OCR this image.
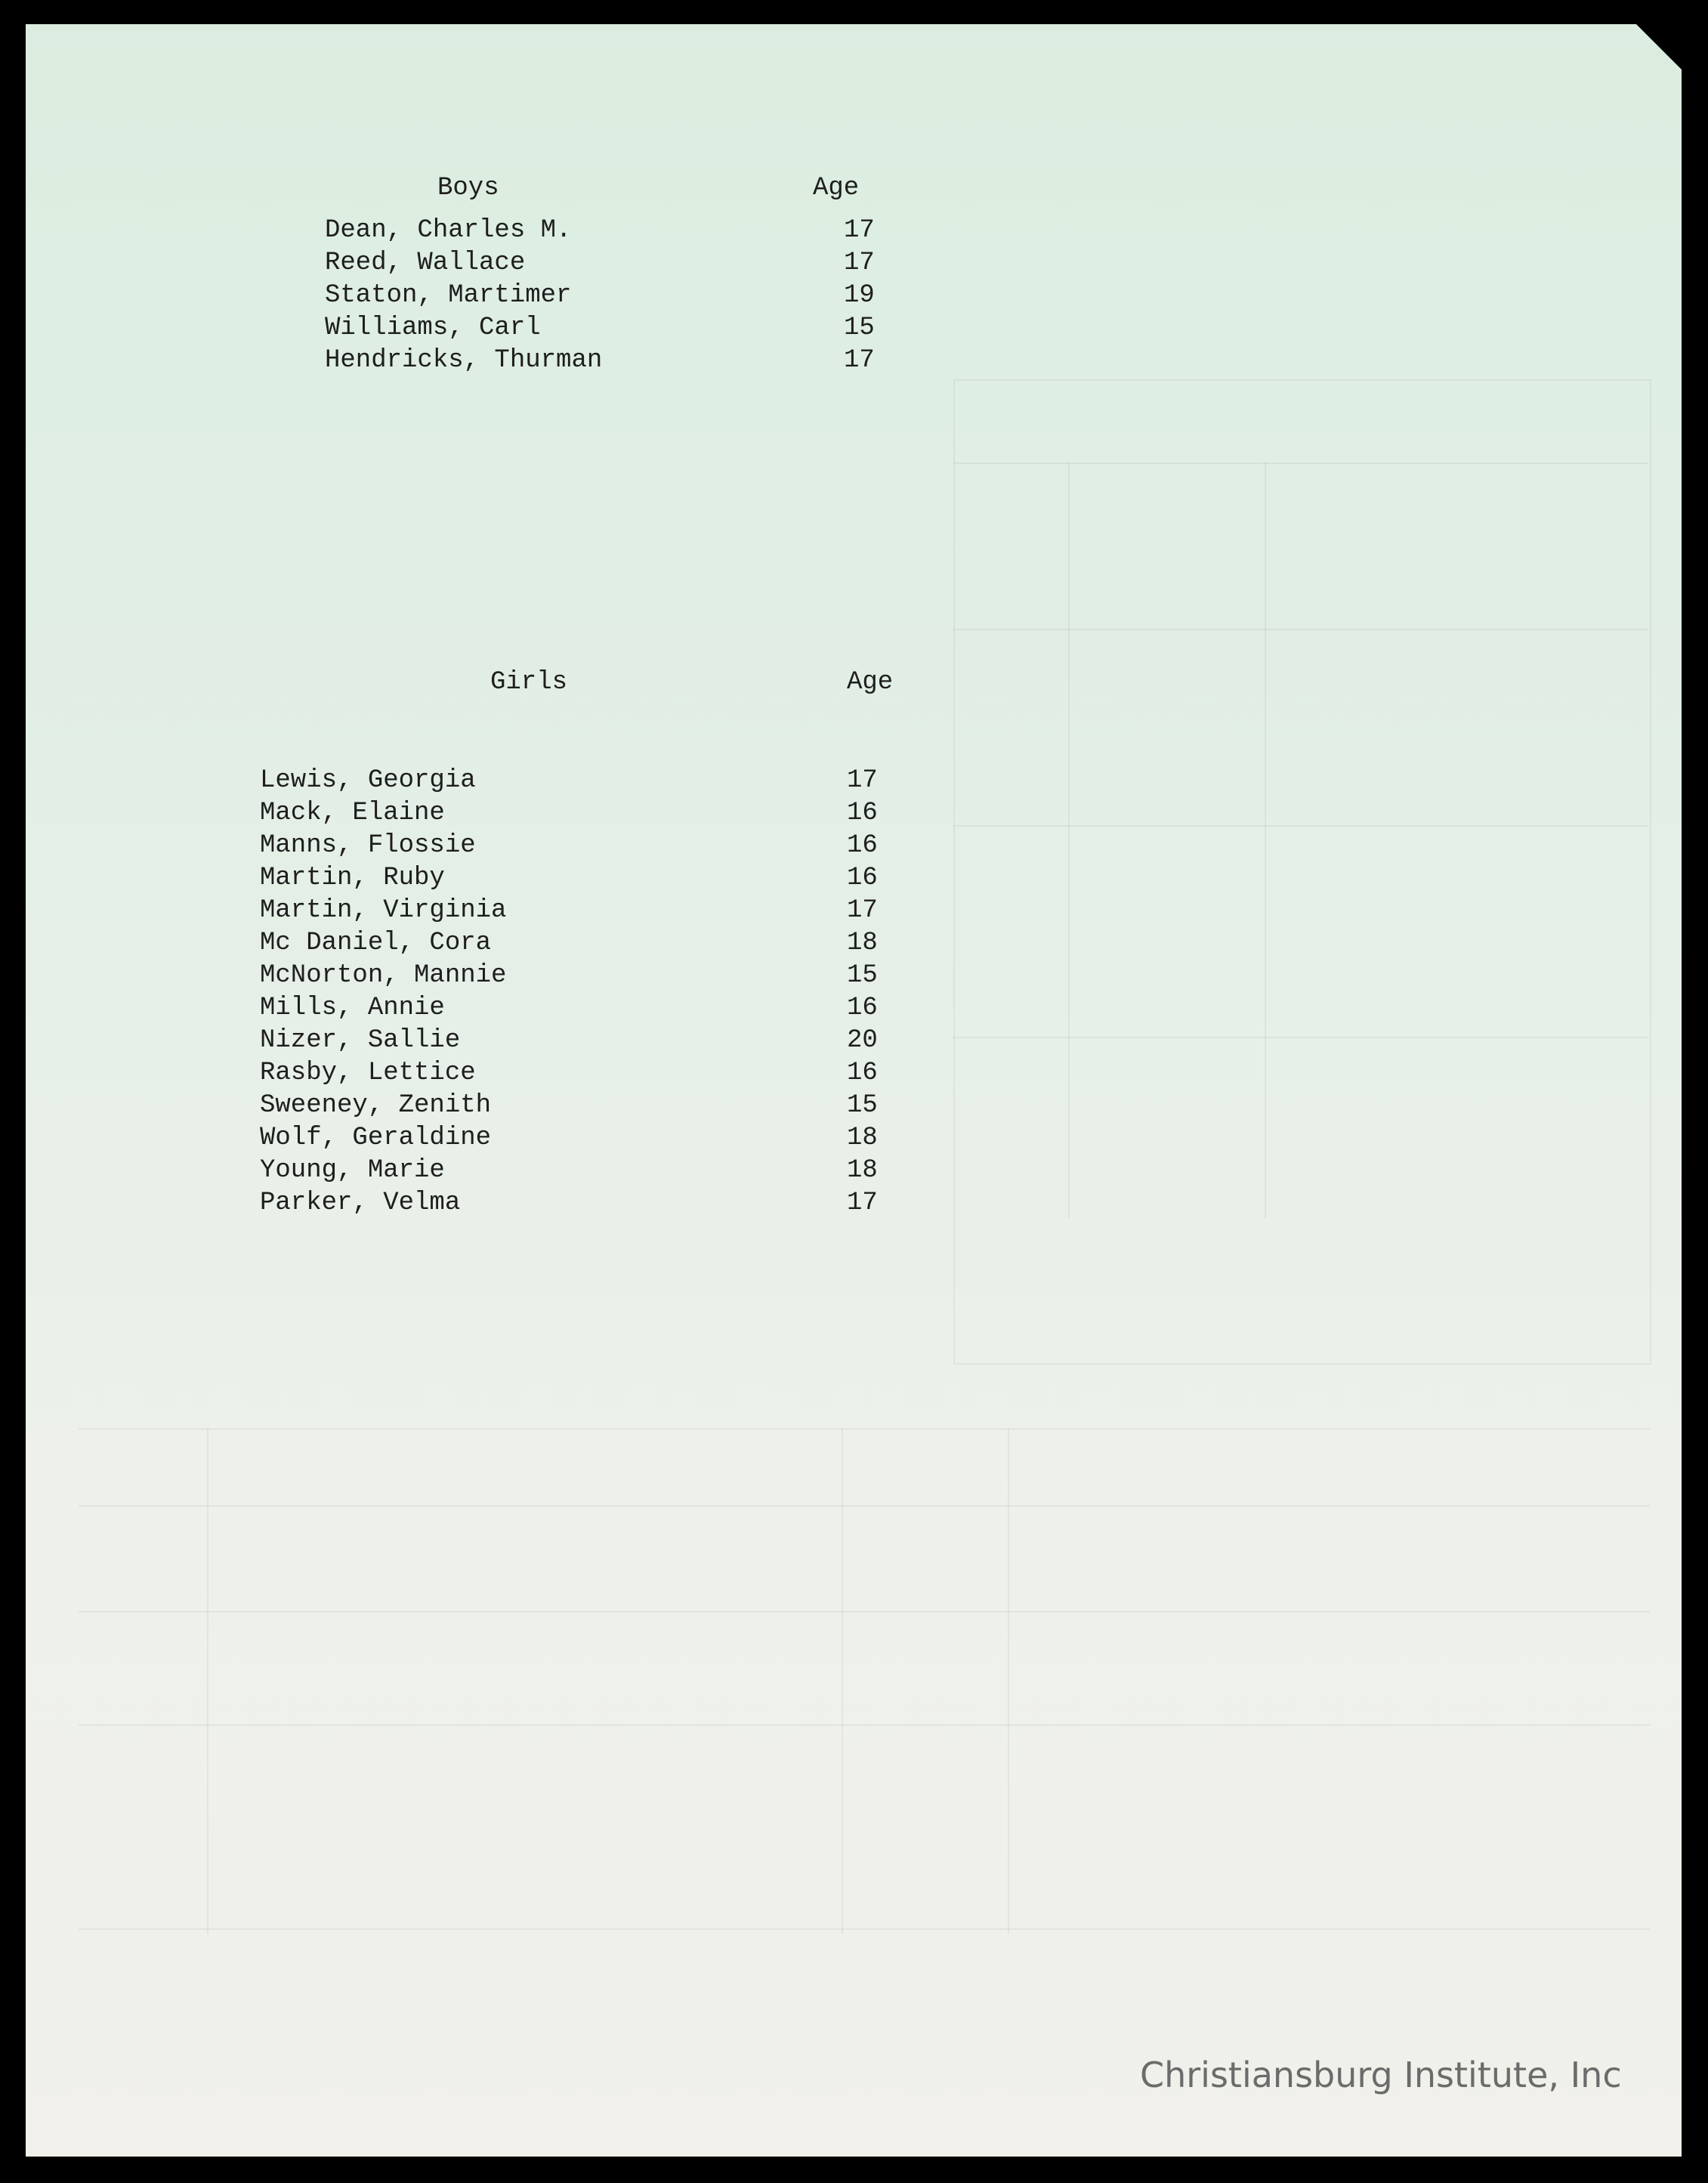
Boys	Age
Dean, Charles M.	17
Reed, Wallace	17
Staton, Martimer	19
Williams, Carl	15
Hendricks, Thurman	17
Girls	Age
Lewis, Georgia	17
Mack, Elaine	16
Manns, Flossie	16
Martin, Ruby	16
Martin, Virginia	17
Mc Daniel, Cora	18
McNorton, Mannie	15
Mills, Annie	16
Nizer, Sallie	20
Rasby, Lettice	16
Sweeney, Zenith	15
Wolf, Geraldine	18
Young, Marie	18
Parker, Velma	17
Christiansburg Institute, Inc
